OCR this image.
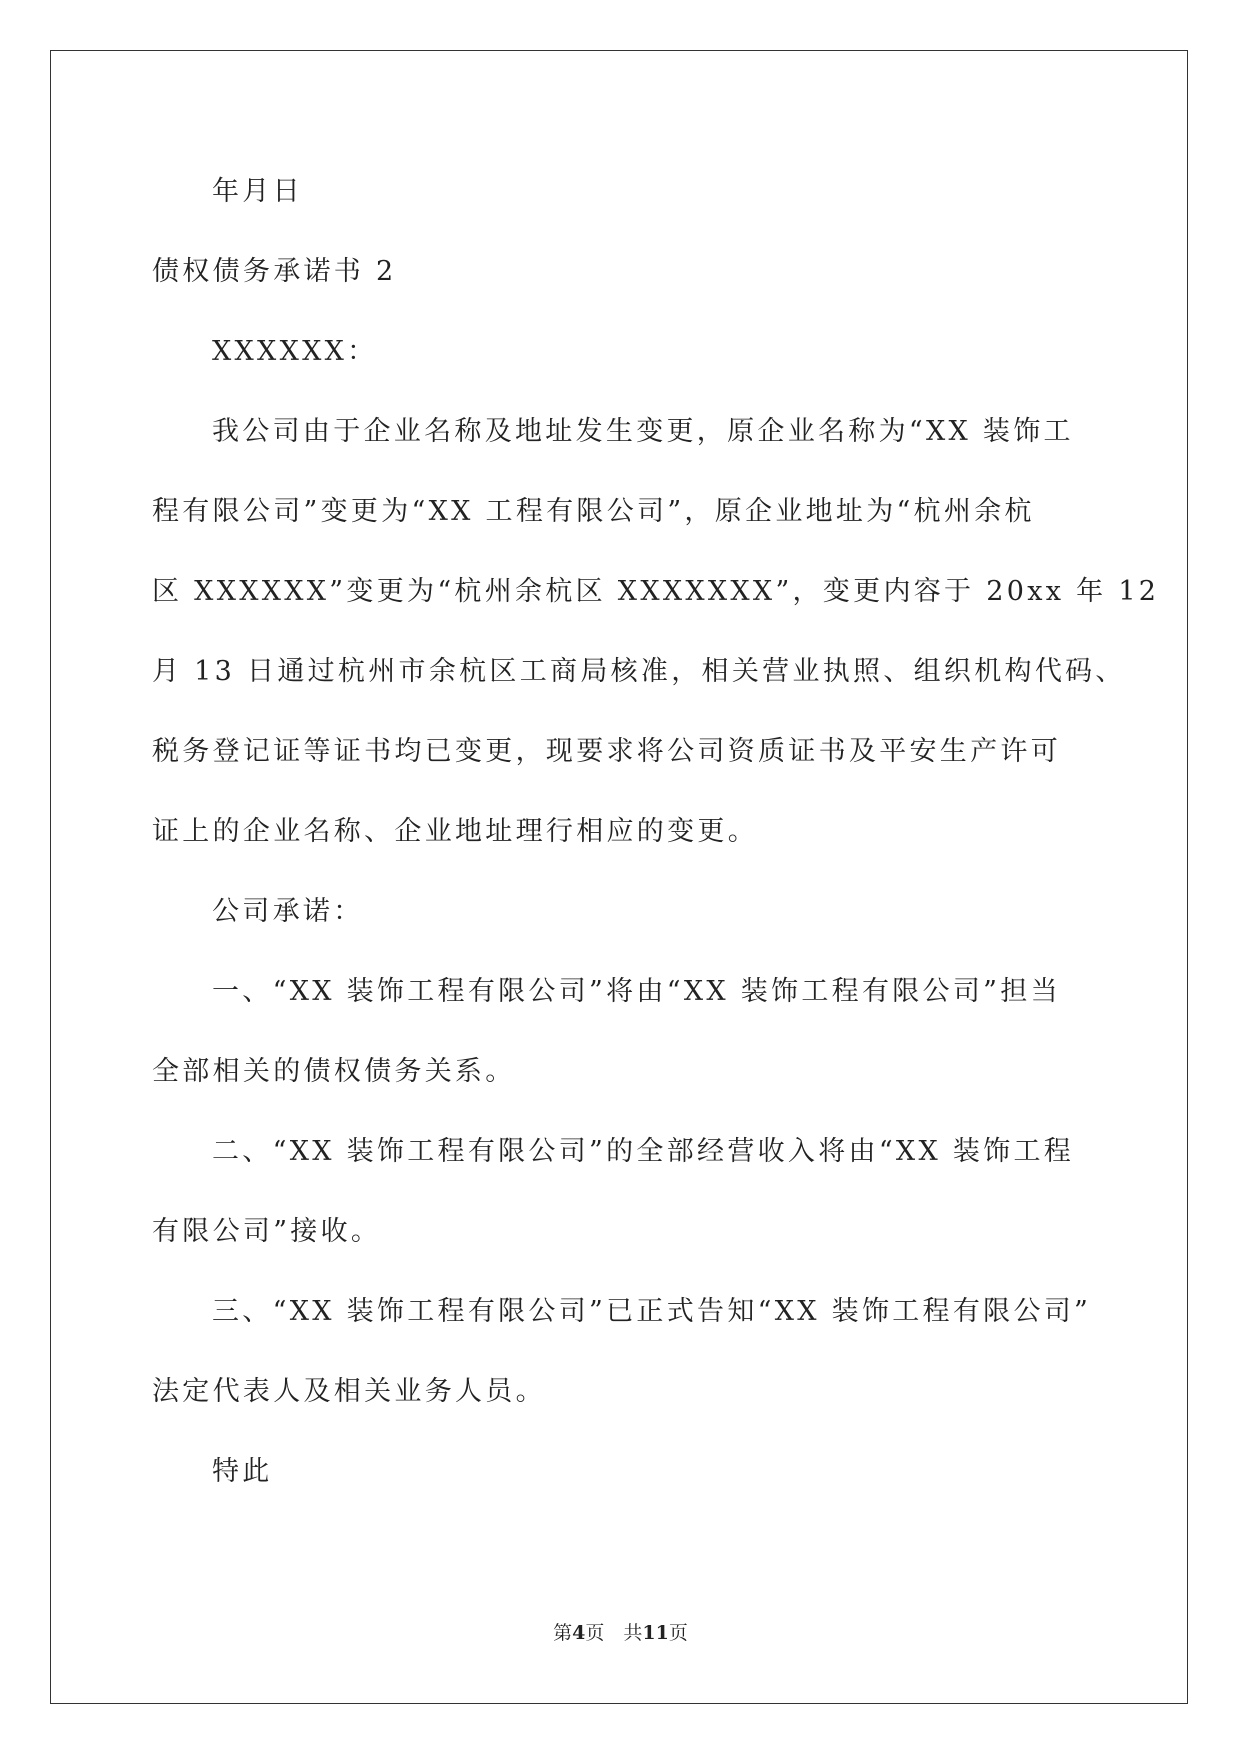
年月日
债权债务承诺书 2
XXXXXX：
我公司由于企业名称及地址发生变更，原企业名称为“XX 装饰工
程有限公司”变更为“XX 工程有限公司”，原企业地址为“杭州余杭
区 XXXXXX”变更为“杭州余杭区 XXXXXXX”，变更内容于 20xx 年 12
月 13 日通过杭州市余杭区工商局核准，相关营业执照、组织机构代码、
税务登记证等证书均已变更，现要求将公司资质证书及平安生产许可
证上的企业名称、企业地址理行相应的变更。
公司承诺：
一、“XX 装饰工程有限公司”将由“XX 装饰工程有限公司”担当
全部相关的债权债务关系。
二、“XX 装饰工程有限公司”的全部经营收入将由“XX 装饰工程
有限公司”接收。
三、“XX 装饰工程有限公司”已正式告知“XX 装饰工程有限公司”
法定代表人及相关业务人员。
特此
第4页　共11页
